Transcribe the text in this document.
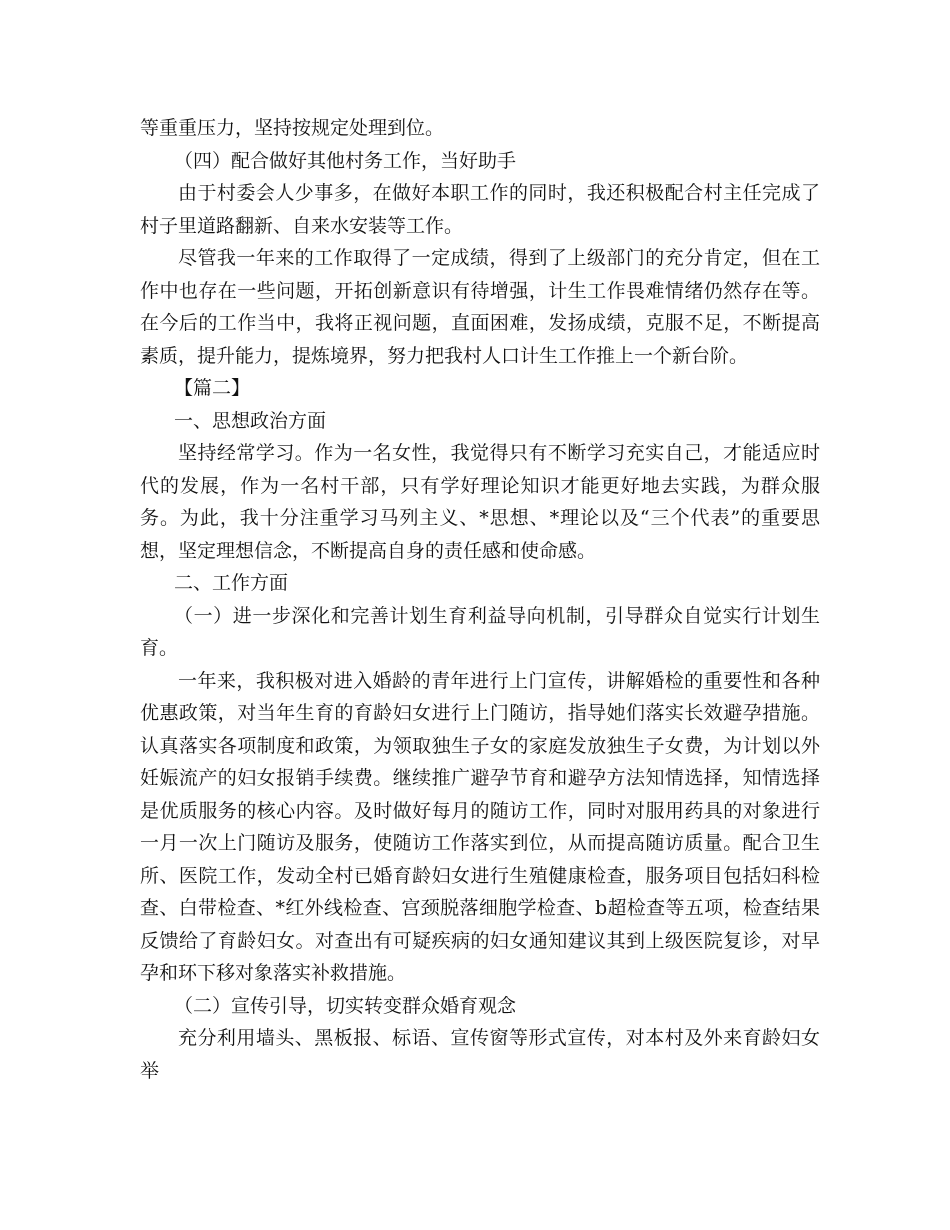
等重重压力，坚持按规定处理到位。

（四）配合做好其他村务工作，当好助手

由于村委会人少事多，在做好本职工作的同时，我还积极配合村主任完成了村子里道路翻新、自来水安装等工作。

尽管我一年来的工作取得了一定成绩，得到了上级部门的充分肯定，但在工作中也存在一些问题，开拓创新意识有待增强，计生工作畏难情绪仍然存在等。在今后的工作当中，我将正视问题，直面困难，发扬成绩，克服不足，不断提高素质，提升能力，提炼境界，努力把我村人口计生工作推上一个新台阶。

【篇二】

一、思想政治方面

坚持经常学习。作为一名女性，我觉得只有不断学习充实自己，才能适应时代的发展，作为一名村干部，只有学好理论知识才能更好地去实践，为群众服务。为此，我十分注重学习马列主义、*思想、*理论以及“三个代表”的重要思想，坚定理想信念，不断提高自身的责任感和使命感。

二、工作方面

（一）进一步深化和完善计划生育利益导向机制，引导群众自觉实行计划生育。

一年来，我积极对进入婚龄的青年进行上门宣传，讲解婚检的重要性和各种优惠政策，对当年生育的育龄妇女进行上门随访，指导她们落实长效避孕措施。认真落实各项制度和政策，为领取独生子女的家庭发放独生子女费，为计划以外妊娠流产的妇女报销手续费。继续推广避孕节育和避孕方法知情选择，知情选择是优质服务的核心内容。及时做好每月的随访工作，同时对服用药具的对象进行一月一次上门随访及服务，使随访工作落实到位，从而提高随访质量。配合卫生所、医院工作，发动全村已婚育龄妇女进行生殖健康检查，服务项目包括妇科检查、白带检查、*红外线检查、宫颈脱落细胞学检查、b超检查等五项，检查结果反馈给了育龄妇女。对查出有可疑疾病的妇女通知建议其到上级医院复诊，对早孕和环下移对象落实补救措施。

（二）宣传引导，切实转变群众婚育观念

充分利用墙头、黑板报、标语、宣传窗等形式宣传，对本村及外来育龄妇女举
